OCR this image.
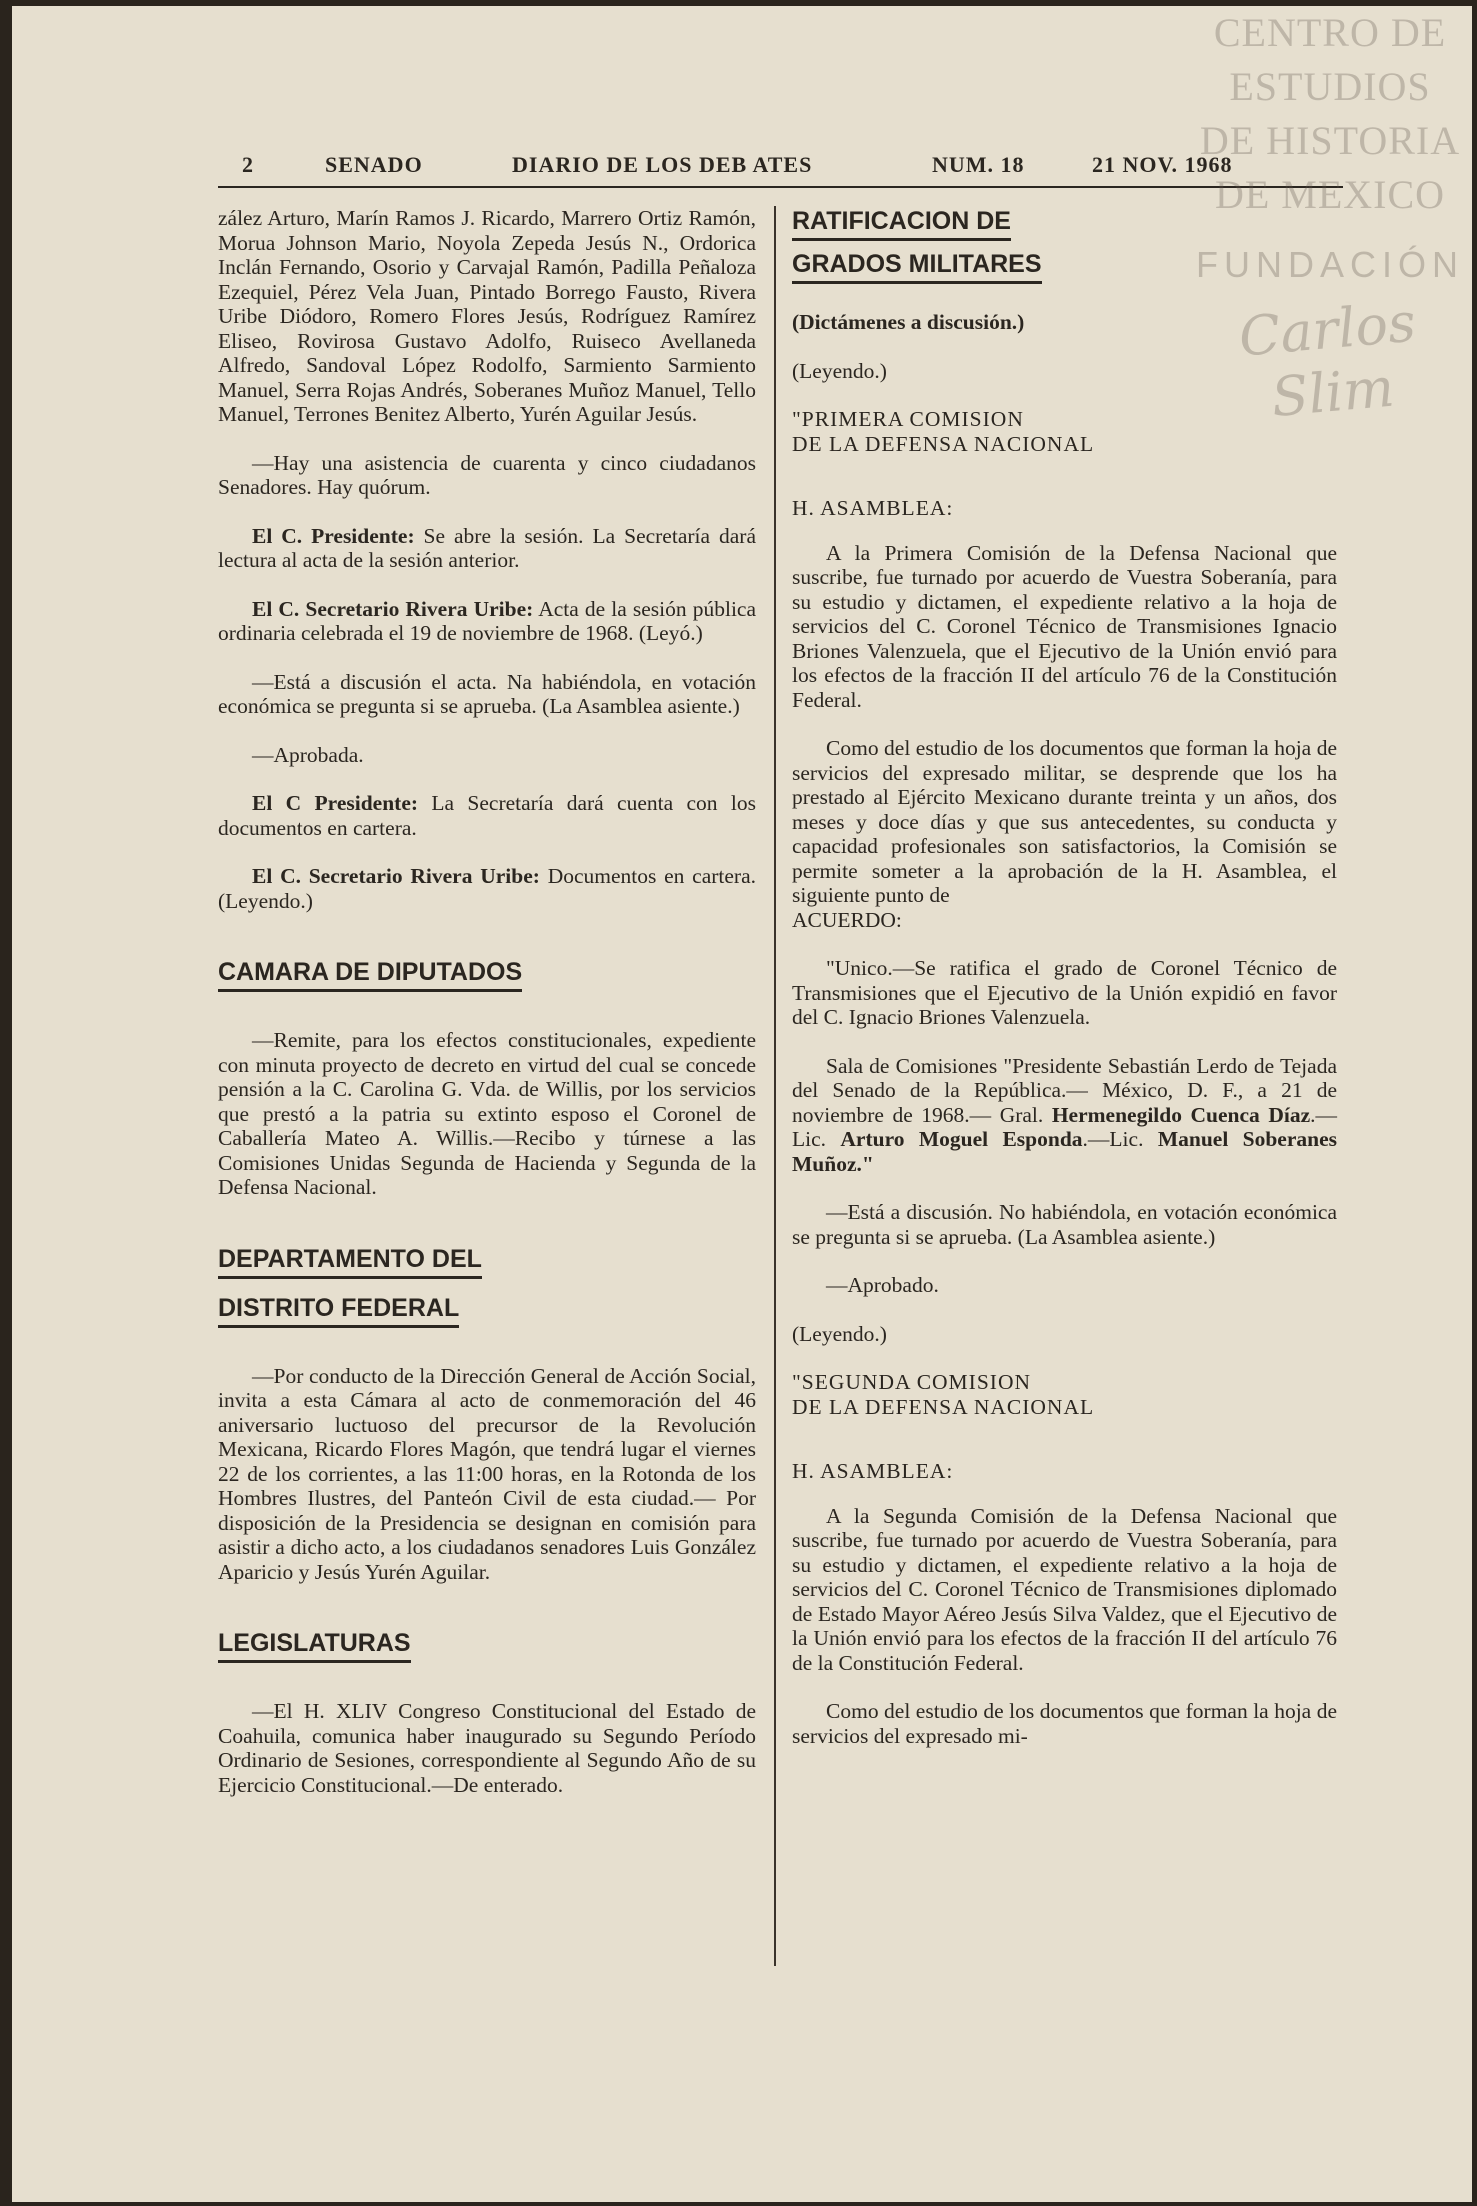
CENTRO DE
ESTUDIOS
DE HISTORIA
DE MEXICO
FUNDACIÓN
Carlos Slim
2	SENADO	DIARIO DE LOS DEB ATES	NUM. 18	21 NOV. 1968

zález Arturo, Marín Ramos J. Ricardo, Marrero Ortiz Ramón, Morua Johnson Mario, Noyola Zepeda Jesús N., Ordorica Inclán Fernando, Osorio y Carvajal Ramón, Padilla Peñaloza Ezequiel, Pérez Vela Juan, Pintado Borrego Fausto, Rivera Uribe Diódoro, Romero Flores Jesús, Rodríguez Ramírez Eliseo, Rovirosa Gustavo Adolfo, Ruiseco Avellaneda Alfredo, Sandoval López Rodolfo, Sarmiento Sarmiento Manuel, Serra Rojas Andrés, Soberanes Muñoz Manuel, Tello Manuel, Terrones Benitez Alberto, Yurén Aguilar Jesús.

—Hay una asistencia de cuarenta y cinco ciudadanos Senadores. Hay quórum.

El C. Presidente: Se abre la sesión. La Secretaría dará lectura al acta de la sesión anterior.

El C. Secretario Rivera Uribe: Acta de la sesión pública ordinaria celebrada el 19 de noviembre de 1968. (Leyó.)

—Está a discusión el acta. Na habiéndola, en votación económica se pregunta si se aprueba. (La Asamblea asiente.)

—Aprobada.

El C Presidente: La Secretaría dará cuenta con los documentos en cartera.

El C. Secretario Rivera Uribe: Documentos en cartera. (Leyendo.)

CAMARA DE DIPUTADOS

—Remite, para los efectos constitucionales, expediente con minuta proyecto de decreto en virtud del cual se concede pensión a la C. Carolina G. Vda. de Willis, por los servicios que prestó a la patria su extinto esposo el Coronel de Caballería Mateo A. Willis.—Recibo y túrnese a las Comisiones Unidas Segunda de Hacienda y Segunda de la Defensa Nacional.

DEPARTAMENTO DEL
DISTRITO FEDERAL

—Por conducto de la Dirección General de Acción Social, invita a esta Cámara al acto de conmemoración del 46 aniversario luctuoso del precursor de la Revolución Mexicana, Ricardo Flores Magón, que tendrá lugar el viernes 22 de los corrientes, a las 11:00 horas, en la Rotonda de los Hombres Ilustres, del Panteón Civil de esta ciudad.— Por disposición de la Presidencia se designan en comisión para asistir a dicho acto, a los ciudadanos senadores Luis González Aparicio y Jesús Yurén Aguilar.

LEGISLATURAS

—El H. XLIV Congreso Constitucional del Estado de Coahuila, comunica haber inaugurado su Segundo Período Ordinario de Sesiones, correspondiente al Segundo Año de su Ejercicio Constitucional.—De enterado.

RATIFICACION DE
GRADOS MILITARES

(Dictámenes a discusión.)

(Leyendo.)

"PRIMERA COMISION

DE LA DEFENSA NACIONAL

H. ASAMBLEA:

A la Primera Comisión de la Defensa Nacional que suscribe, fue turnado por acuerdo de Vuestra Soberanía, para su estudio y dictamen, el expediente relativo a la hoja de servicios del C. Coronel Técnico de Transmisiones Ignacio Briones Valenzuela, que el Ejecutivo de la Unión envió para los efectos de la fracción II del artículo 76 de la Constitución Federal.

Como del estudio de los documentos que forman la hoja de servicios del expresado militar, se desprende que los ha prestado al Ejército Mexicano durante treinta y un años, dos meses y doce días y que sus antecedentes, su conducta y capacidad profesionales son satisfactorios, la Comisión se permite someter a la aprobación de la H. Asamblea, el siguiente punto de

ACUERDO:

"Unico.—Se ratifica el grado de Coronel Técnico de Transmisiones que el Ejecutivo de la Unión expidió en favor del C. Ignacio Briones Valenzuela.

Sala de Comisiones "Presidente Sebastián Lerdo de Tejada del Senado de la República.— México, D. F., a 21 de noviembre de 1968.— Gral. Hermenegildo Cuenca Díaz.—Lic. Arturo Moguel Esponda.—Lic. Manuel Soberanes Muñoz."

—Está a discusión. No habiéndola, en votación económica se pregunta si se aprueba. (La Asamblea asiente.)

—Aprobado.

(Leyendo.)

"SEGUNDA COMISION

DE LA DEFENSA NACIONAL

H. ASAMBLEA:

A la Segunda Comisión de la Defensa Nacional que suscribe, fue turnado por acuerdo de Vuestra Soberanía, para su estudio y dictamen, el expediente relativo a la hoja de servicios del C. Coronel Técnico de Transmisiones diplomado de Estado Mayor Aéreo Jesús Silva Valdez, que el Ejecutivo de la Unión envió para los efectos de la fracción II del artículo 76 de la Constitución Federal.

Como del estudio de los documentos que forman la hoja de servicios del expresado mi-
